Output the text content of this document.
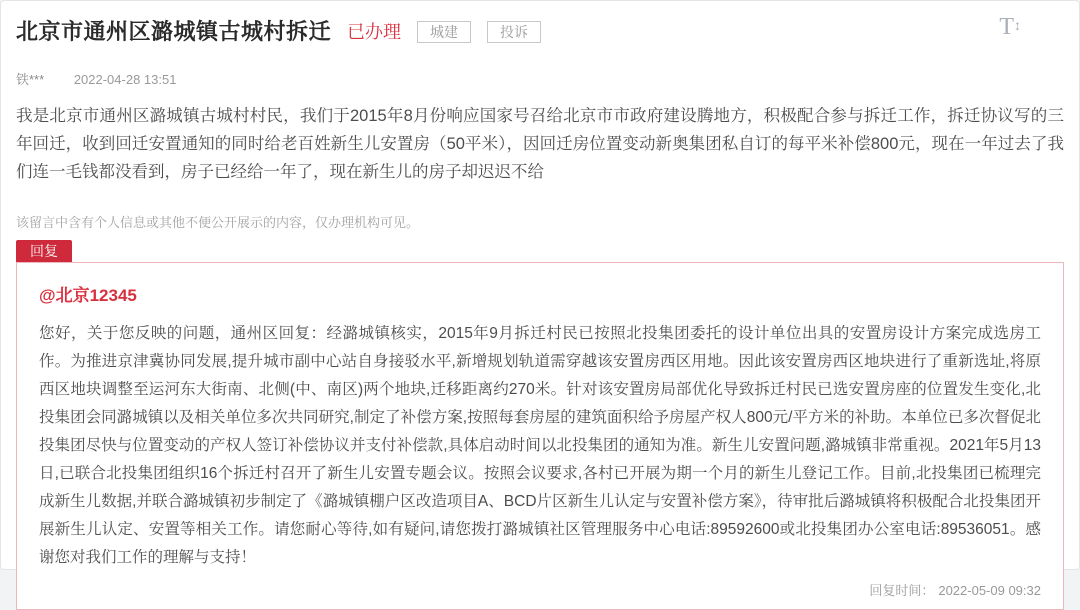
北京市通州区潞城镇古城村拆迁 已办理	城建	投诉	T↕
铁*** 2022-04-28 13:51

我是北京市通州区潞城镇古城村村民，我们于2015年8月份响应国家号召给北京市市政府建设腾地方，积极配合参与拆迁工作，拆迁协议写的三年回迁，收到回迁安置通知的同时给老百姓新生儿安置房（50平米），因回迁房位置变动新奥集团私自订的每平米补偿800元，现在一年过去了我们连一毛钱都没看到，房子已经给一年了，现在新生儿的房子却迟迟不给

该留言中含有个人信息或其他不便公开展示的内容，仅办理机构可见。

回复
@北京12345

您好，关于您反映的问题，通州区回复：经潞城镇核实，2015年9月拆迁村民已按照北投集团委托的设计单位出具的安置房设计方案完成选房工作。为推进京津冀协同发展,提升城市副中心站自身接驳水平,新增规划轨道需穿越该安置房西区用地。因此该安置房西区地块进行了重新选址,将原西区地块调整至运河东大街南、北侧(中、南区)两个地块,迁移距离约270米。针对该安置房局部优化导致拆迁村民已选安置房座的位置发生变化,北投集团会同潞城镇以及相关单位多次共同研究,制定了补偿方案,按照每套房屋的建筑面积给予房屋产权人800元/平方米的补助。本单位已多次督促北投集团尽快与位置变动的产权人签订补偿协议并支付补偿款,具体启动时间以北投集团的通知为准。新生儿安置问题,潞城镇非常重视。2021年5月13日,已联合北投集团组织16个拆迁村召开了新生儿安置专题会议。按照会议要求,各村已开展为期一个月的新生儿登记工作。目前,北投集团已梳理完成新生儿数据,并联合潞城镇初步制定了《潞城镇棚户区改造项目A、BCD片区新生儿认定与安置补偿方案》，待审批后潞城镇将积极配合北投集团开展新生儿认定、安置等相关工作。请您耐心等待,如有疑问,请您拨打潞城镇社区管理服务中心电话:89592600或北投集团办公室电话:89536051。感谢您对我们工作的理解与支持！

回复时间： 2022-05-09 09:32
